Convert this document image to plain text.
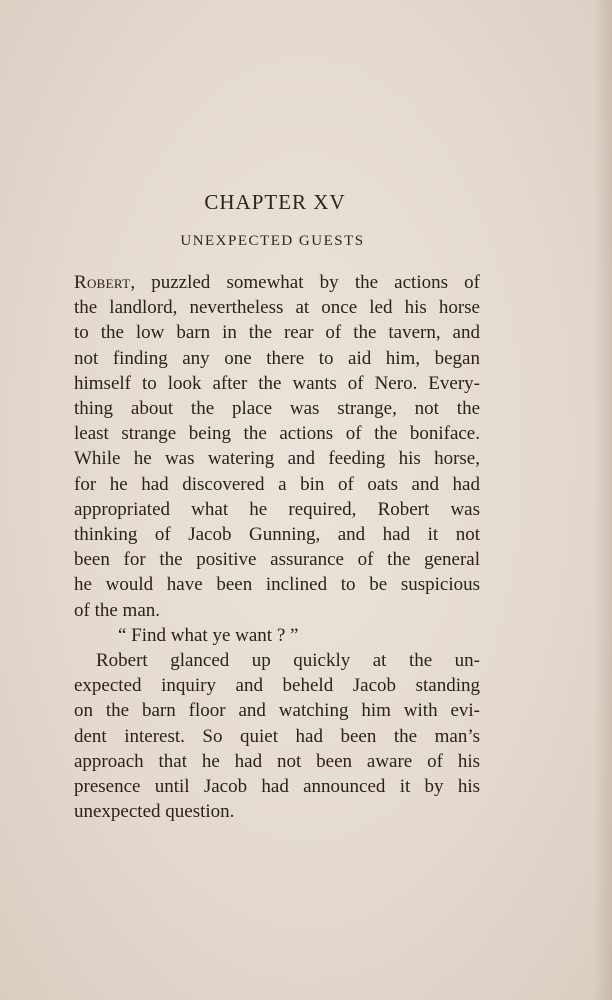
CHAPTER XV
UNEXPECTED GUESTS

Robert, puzzled somewhat by the actions of
the landlord, nevertheless at once led his horse
to the low barn in the rear of the tavern, and
not finding any one there to aid him, began
himself to look after the wants of Nero. Every-
thing about the place was strange, not the
least strange being the actions of the boniface.
While he was watering and feeding his horse,
for he had discovered a bin of oats and had
appropriated what he required, Robert was
thinking of Jacob Gunning, and had it not
been for the positive assurance of the general
he would have been inclined to be suspicious
of the man.

“ Find what ye want ? ”

Robert glanced up quickly at the un-
expected inquiry and beheld Jacob standing
on the barn floor and watching him with evi-
dent interest. So quiet had been the man’s
approach that he had not been aware of his
presence until Jacob had announced it by his
unexpected question.
